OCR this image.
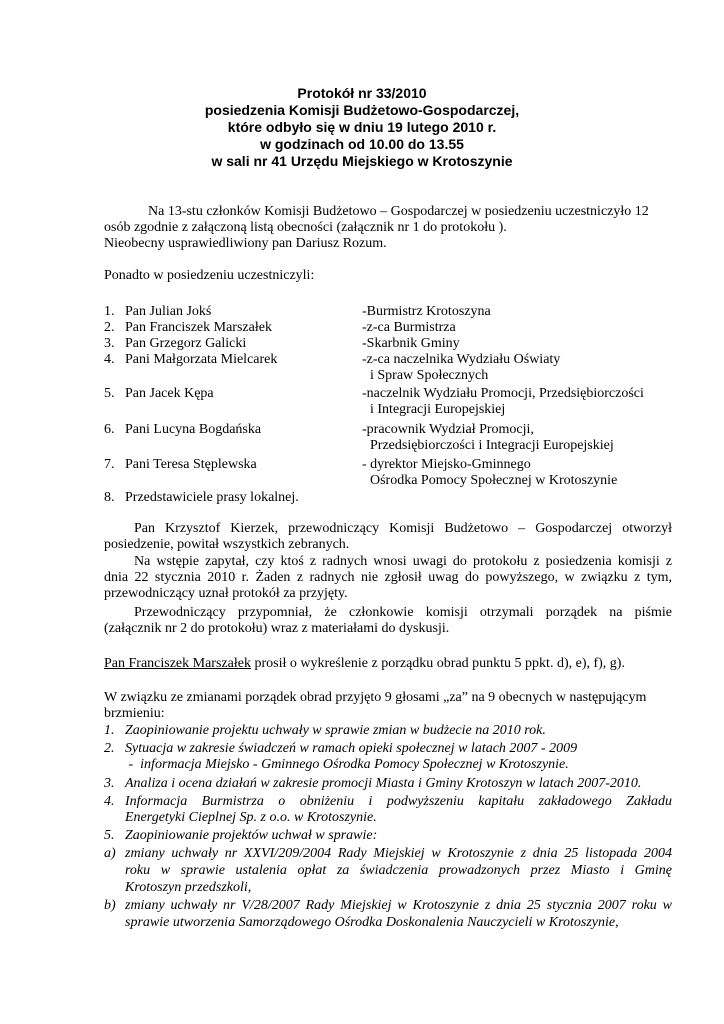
Protokół nr 33/2010
posiedzenia Komisji Budżetowo-Gospodarczej,
które odbyło się w dniu 19 lutego 2010 r.
w godzinach od 10.00 do 13.55
w sali nr 41 Urzędu Miejskiego w Krotoszynie
Na 13-stu członków Komisji Budżetowo – Gospodarczej w posiedzeniu uczestniczyło 12
osób zgodnie z załączoną listą obecności (załącznik nr 1 do protokołu ).
Nieobecny usprawiedliwiony pan Dariusz Rozum.
Ponadto w posiedzeniu uczestniczyli:
1. Pan Julian Jokś	-Burmistrz Krotoszyna
2. Pan Franciszek Marszałek	-z-ca Burmistrza
3. Pan Grzegorz Galicki	-Skarbnik Gminy
4. Pani Małgorzata Mielcarek	-z-ca naczelnika Wydziału Oświaty
i Spraw Społecznych
5. Pan Jacek Kępa	-naczelnik Wydziału Promocji, Przedsiębiorczości
i Integracji Europejskiej
6. Pani Lucyna Bogdańska	-pracownik Wydział Promocji,
Przedsiębiorczości i Integracji Europejskiej
7. Pani Teresa Stęplewska	- dyrektor Miejsko-Gminnego
Ośrodka Pomocy Społecznej w Krotoszynie
8. Przedstawiciele prasy lokalnej.
Pan Krzysztof Kierzek, przewodniczący Komisji Budżetowo – Gospodarczej otworzył
posiedzenie, powitał wszystkich zebranych.
Na wstępie zapytał, czy ktoś z radnych wnosi uwagi do protokołu z posiedzenia komisji z
dnia 22 stycznia 2010 r. Żaden z radnych nie zgłosił uwag do powyższego, w związku z tym,
przewodniczący uznał protokół za przyjęty.
Przewodniczący przypomniał, że członkowie komisji otrzymali porządek na piśmie
(załącznik nr 2 do protokołu) wraz z materiałami do dyskusji.
Pan Franciszek Marszałek prosił o wykreślenie z porządku obrad punktu 5 ppkt. d), e), f), g).
W związku ze zmianami porządek obrad przyjęto 9 głosami „za” na 9 obecnych w następującym
brzmieniu:
1. Zaopiniowanie projektu uchwały w sprawie zmian w budżecie na 2010 rok.
2. Sytuacja w zakresie świadczeń w ramach opieki społecznej w latach 2007 - 2009
-  informacja Miejsko - Gminnego Ośrodka Pomocy Społecznej w Krotoszynie.
3. Analiza i ocena działań w zakresie promocji Miasta i Gminy Krotoszyn w latach 2007-2010.
4. Informacja Burmistrza o obniżeniu i podwyższeniu kapitału zakładowego Zakładu
Energetyki Cieplnej Sp. z o.o. w Krotoszynie.
5. Zaopiniowanie projektów uchwał w sprawie:
a) zmiany uchwały nr XXVI/209/2004 Rady Miejskiej w Krotoszynie z dnia 25 listopada 2004
roku w sprawie ustalenia opłat za świadczenia prowadzonych przez Miasto i Gminę
Krotoszyn przedszkoli,
b) zmiany uchwały nr V/28/2007 Rady Miejskiej w Krotoszynie z dnia 25 stycznia 2007 roku w
sprawie utworzenia Samorządowego Ośrodka Doskonalenia Nauczycieli w Krotoszynie,
